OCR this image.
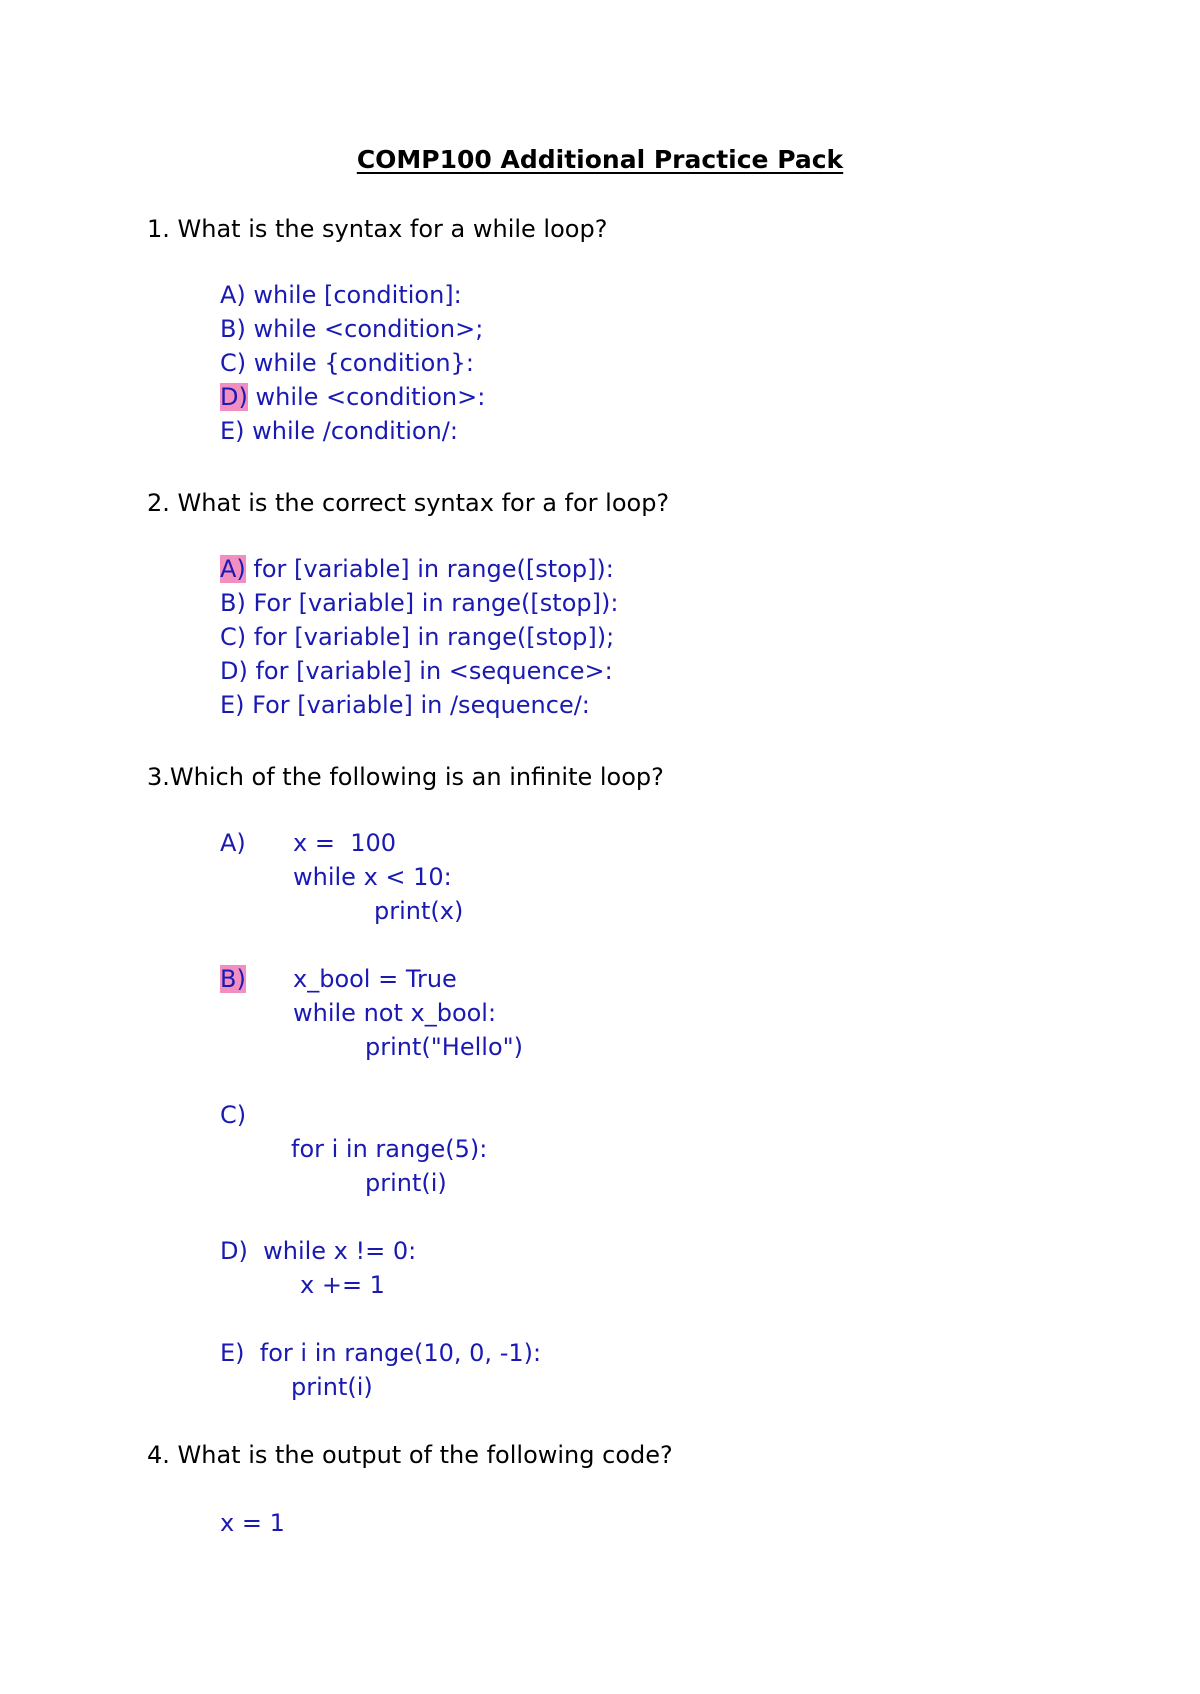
COMP100 Additional Practice Pack
1. What is the syntax for a while loop?
A) while [condition]:
B) while <condition>;
C) while {condition}:
D) while <condition>:
E) while /condition/:
2. What is the correct syntax for a for loop?
A) for [variable] in range([stop]):
B) For [variable] in range([stop]):
C) for [variable] in range([stop]);
D) for [variable] in <sequence>:
E) For [variable] in /sequence/:
3.Which of the following is an infinite loop?
A) x =  100
while x < 10:
print(x)
B) x_bool = True
while not x_bool:
print("Hello")
C)
for i in range(5):
print(i)
D)  while x != 0:
x += 1
E)  for i in range(10, 0, -1):
print(i)
4. What is the output of the following code?
x = 1
